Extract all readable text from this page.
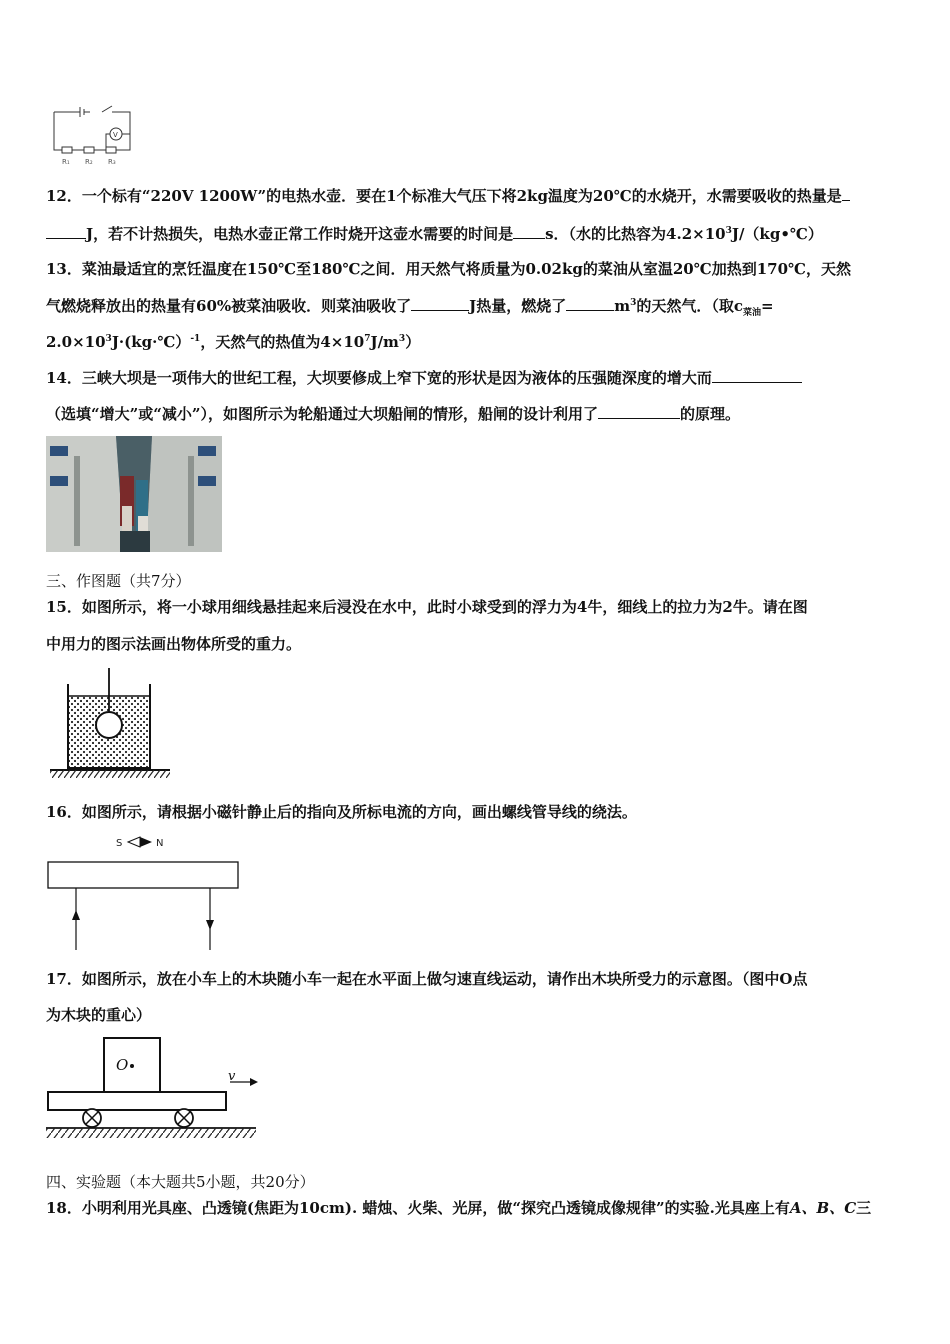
V
R₁ R₂ R₃
12．一个标有“220V 1200W”的电热水壶．要在1个标准大气压下将2kg温度为20℃的水烧开，水需要吸收的热量是
J，若不计热损失，电热水壶正常工作时烧开这壶水需要的时间是 s．（水的比热容为$4.2\times 10^3J/(kg•℃)$
13．菜油最适宜的烹饪温度在150℃至180℃之间．用天然气将质量为0.02kg的菜油从室温20℃加热到170℃，天然
气燃烧释放出的热量有60%被菜油吸收．则菜油吸收了	J热量，燃烧了	$m^3$的天然气．（取$c_{菜油}=$
$2.0\times 10^3J\cdot(kg\cdot℃)^{-1}$，天然气的热值为$4\times 10^7J/m^3$）
14．三峡大坝是一项伟大的世纪工程，大坝要修成上窄下宽的形状是因为液体的压强随深度的增大而
（选填“增大”或“减小”），如图所示为轮船通过大坝船闸的情形，船闸的设计利用了	的原理。
三、作图题（共7分）
15．如图所示，将一小球用细线悬挂起来后浸没在水中，此时小球受到的浮力为4牛，细线上的拉力为2牛。请在图
中用力的图示法画出物体所受的重力。
16．如图所示，请根据小磁针静止后的指向及所标电流的方向，画出螺线管导线的绕法。
S	N
17．如图所示，放在小车上的木块随小车一起在水平面上做匀速直线运动，请作出木块所受力的示意图。（图中O点
为木块的重心）
O
v
四、实验题（本大题共5小题，共20分）
18．小明利用光具座、凸透镜(焦距为10cm). 蜡烛、火柴、光屏，做“探究凸透镜成像规律”的实验.光具座上有A、B、C三
